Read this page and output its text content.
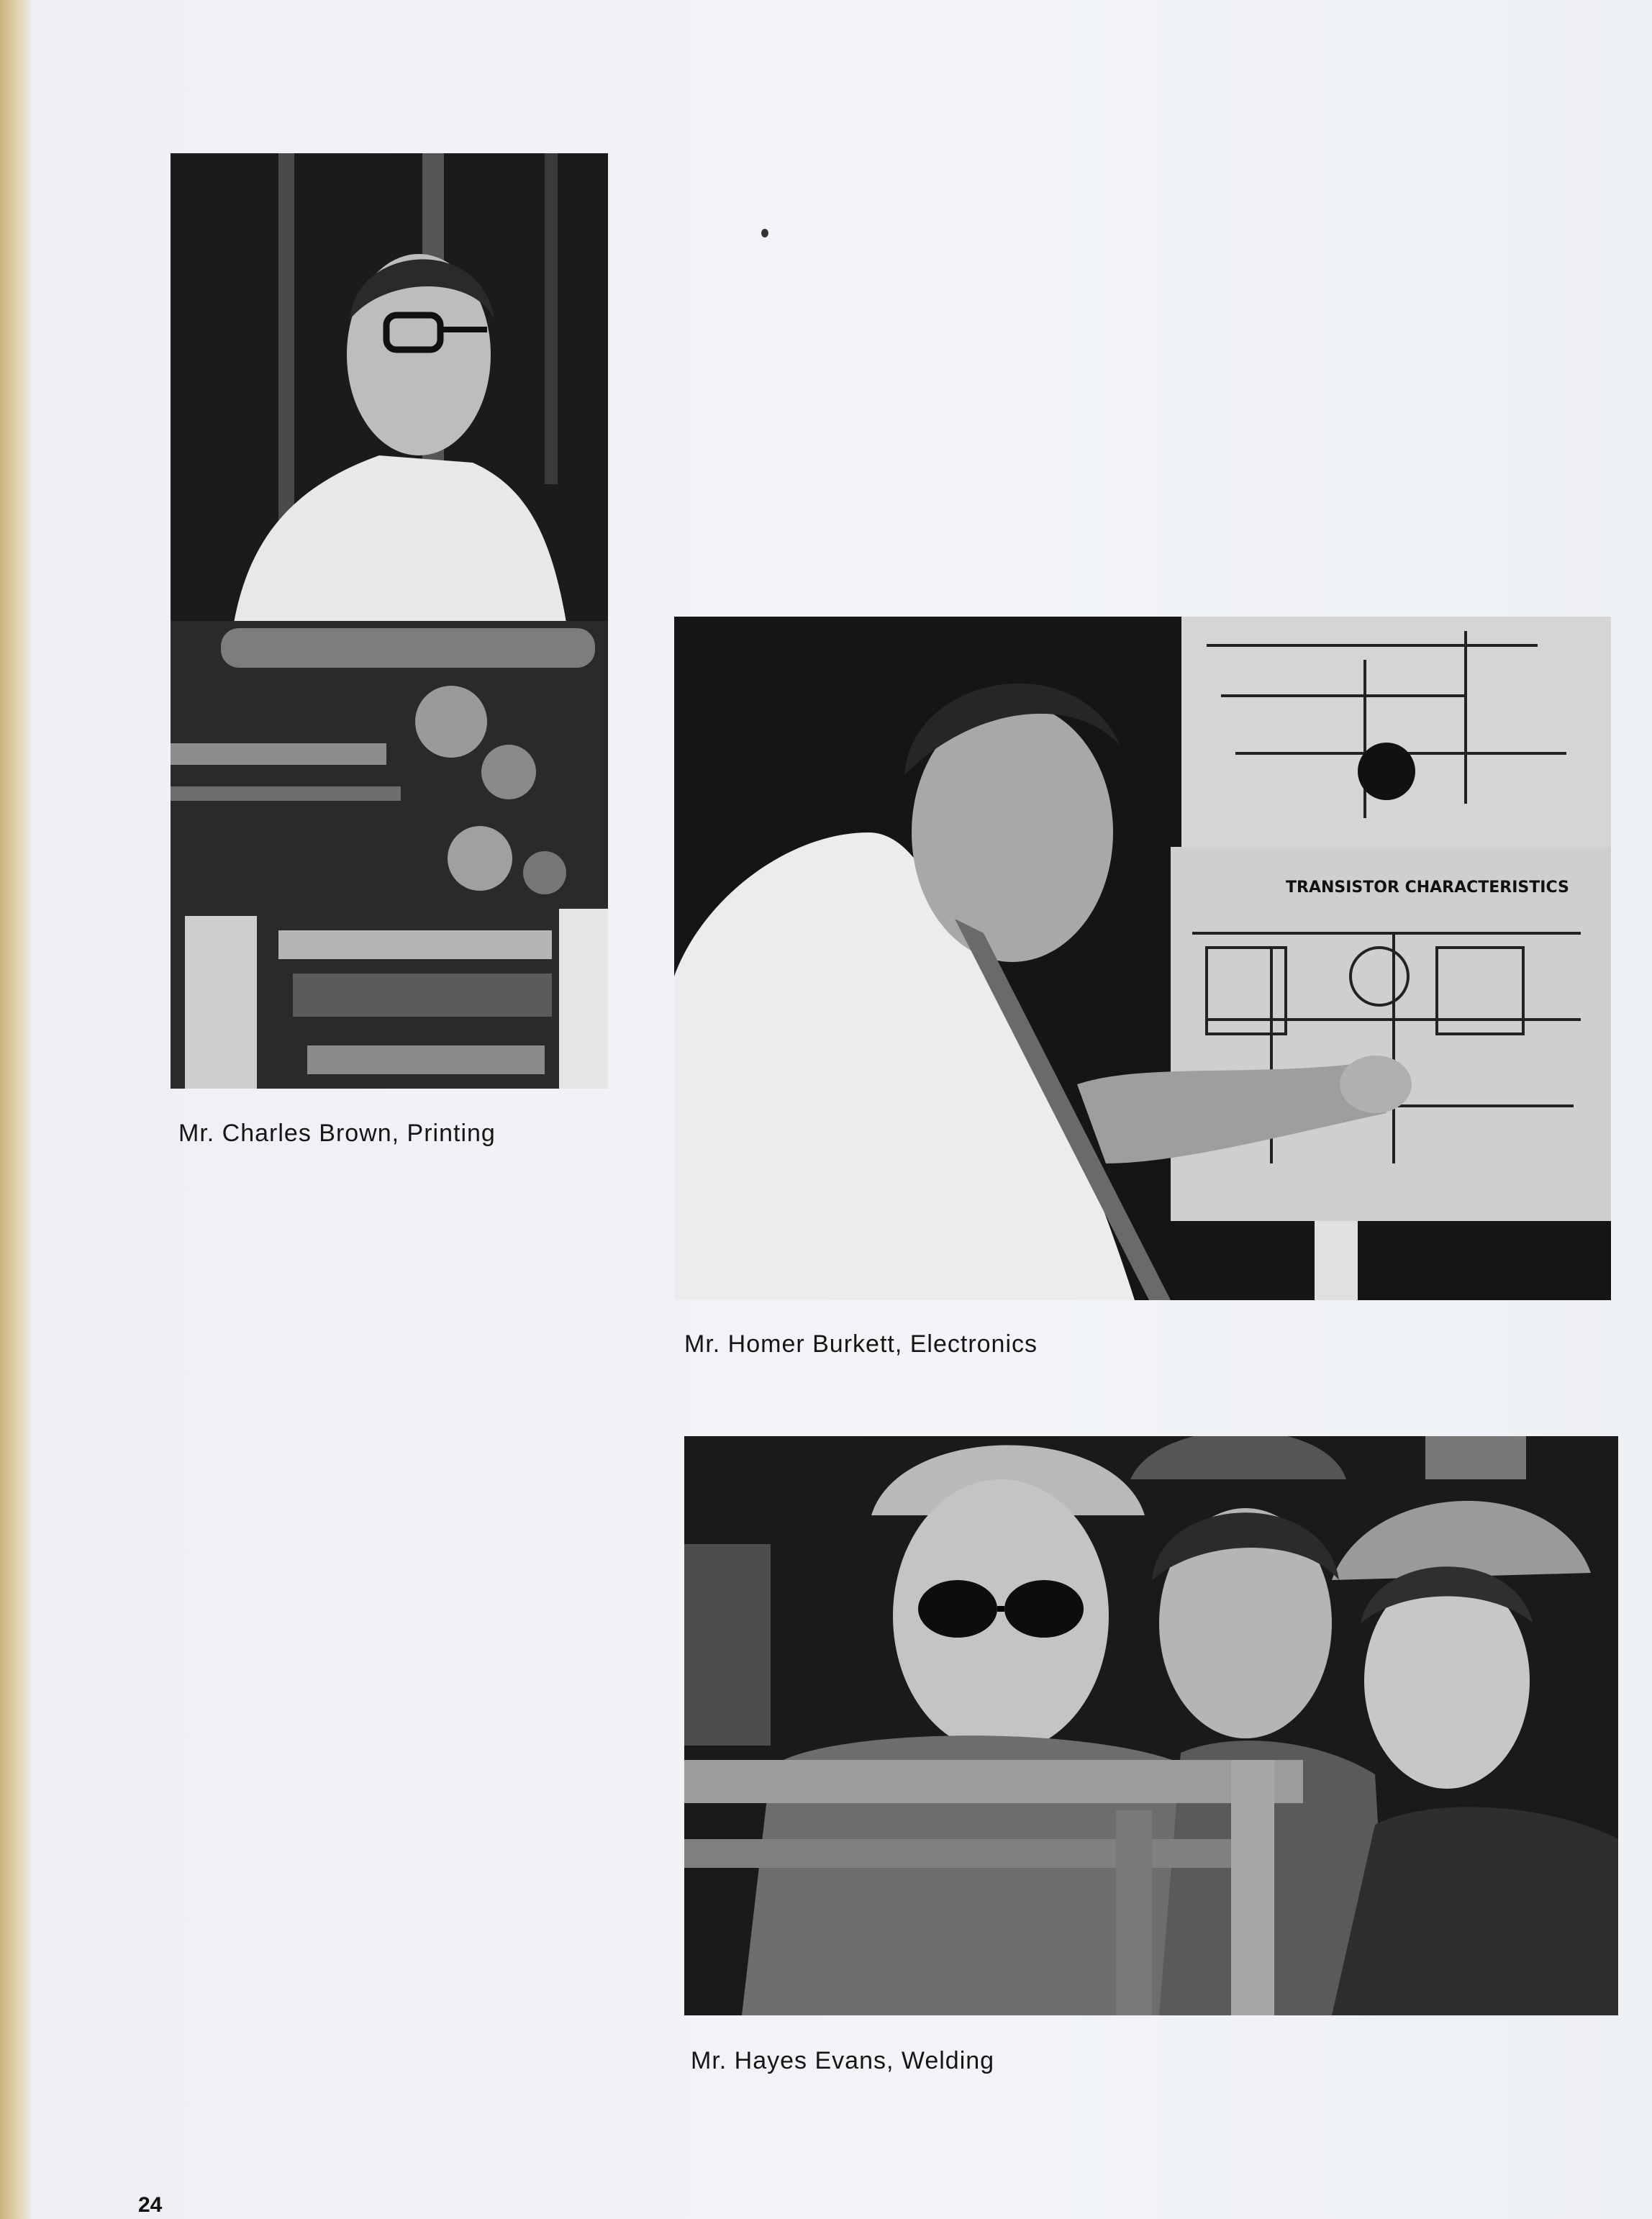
Mr. Charles Brown, Printing
TRANSISTOR CHARACTERISTICS
Mr. Homer Burkett, Electronics
Mr. Hayes Evans, Welding
24
